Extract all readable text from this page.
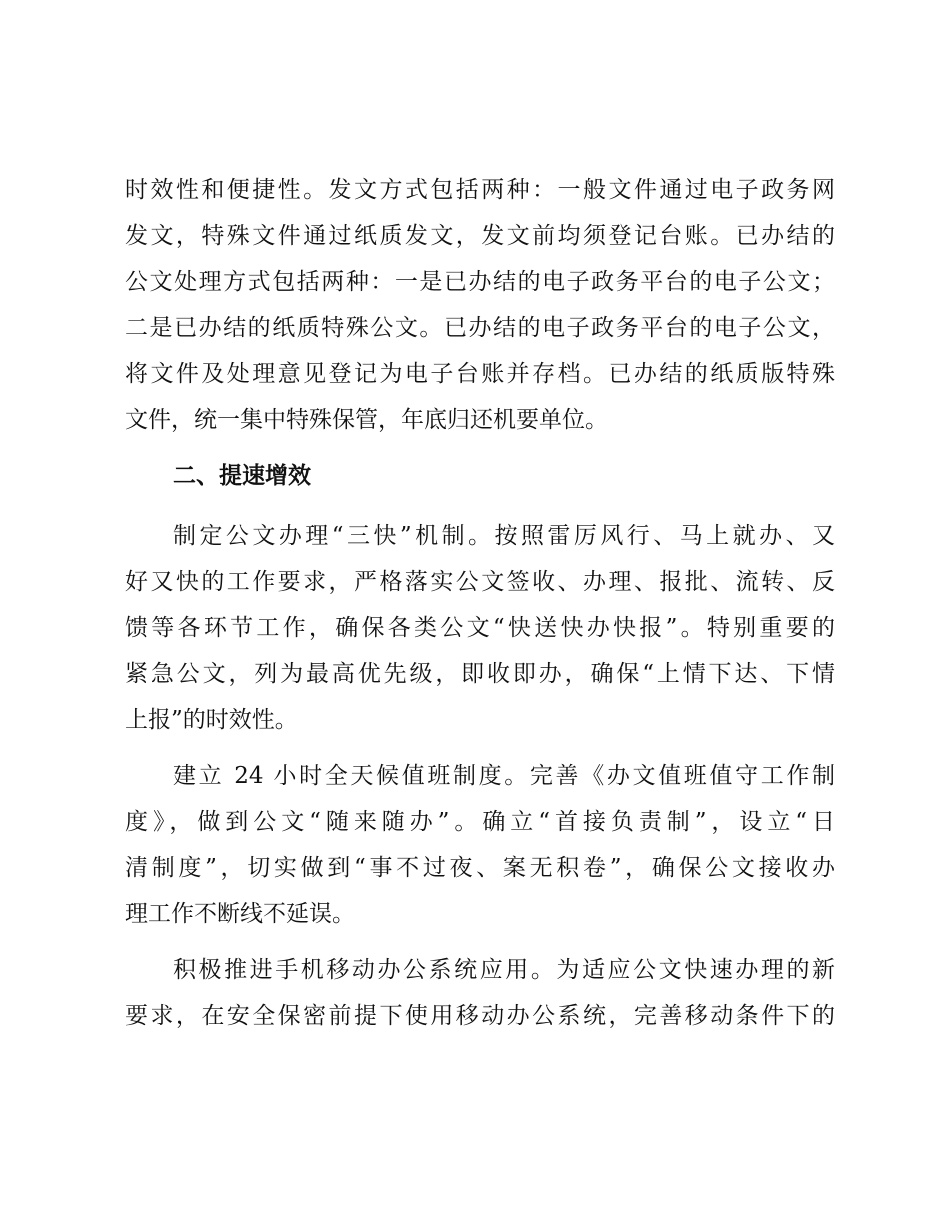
时效性和便捷性。发文方式包括两种：一般文件通过电子政务网
发文，特殊文件通过纸质发文，发文前均须登记台账。已办结的
公文处理方式包括两种：一是已办结的电子政务平台的电子公文；
二是已办结的纸质特殊公文。已办结的电子政务平台的电子公文，
将文件及处理意见登记为电子台账并存档。已办结的纸质版特殊
文件，统一集中特殊保管，年底归还机要单位。
二、提速增效
制定公文办理“三快”机制。按照雷厉风行、马上就办、又
好又快的工作要求，严格落实公文签收、办理、报批、流转、反
馈等各环节工作，确保各类公文“快送快办快报”。特别重要的
紧急公文，列为最高优先级，即收即办，确保“上情下达、下情
上报”的时效性。
建立 24 小时全天候值班制度。完善《办文值班值守工作制
度》，做到公文“随来随办”。确立“首接负责制”，设立“日
清制度”，切实做到“事不过夜、案无积卷”，确保公文接收办
理工作不断线不延误。
积极推进手机移动办公系统应用。为适应公文快速办理的新
要求，在安全保密前提下使用移动办公系统，完善移动条件下的
